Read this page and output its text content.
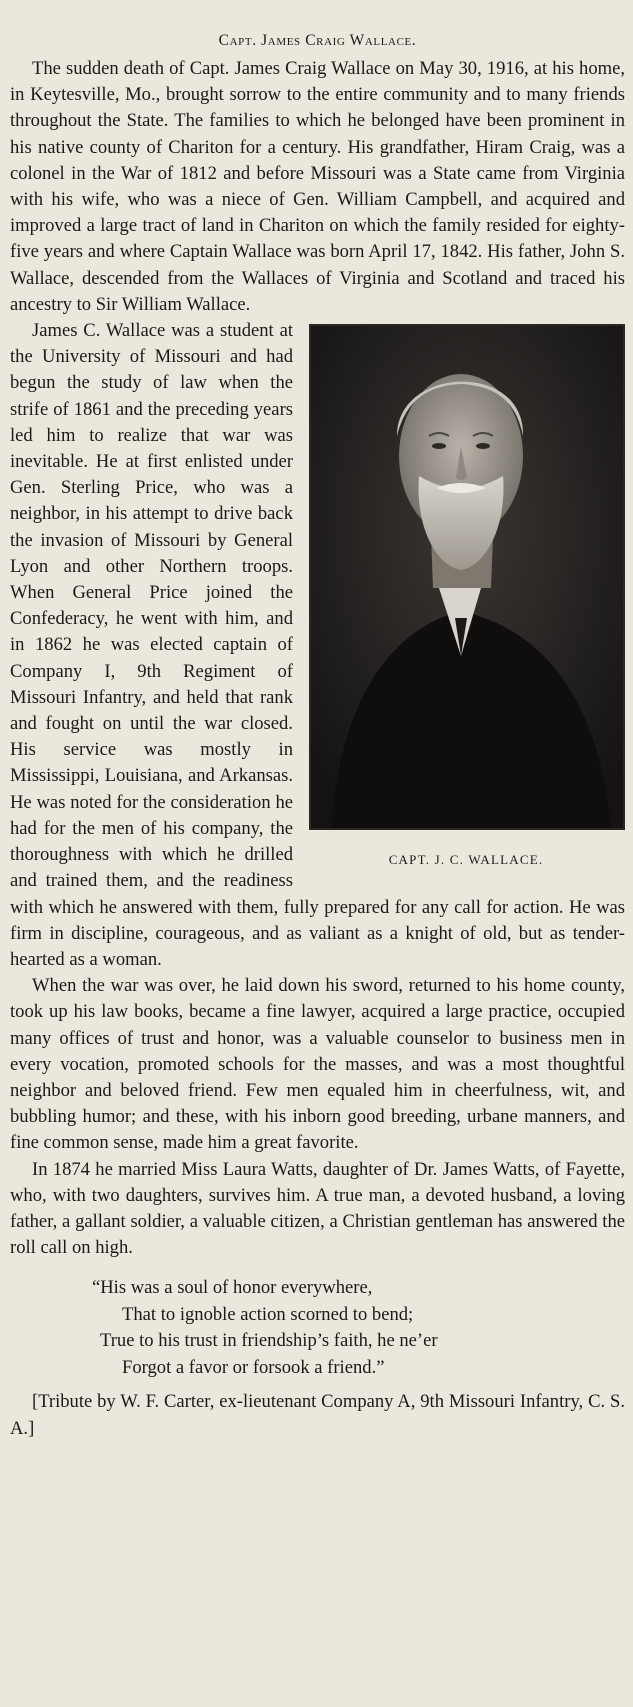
Capt. James Craig Wallace.

The sudden death of Capt. James Craig Wallace on May 30, 1916, at his home, in Keytesville, Mo., brought sorrow to the entire community and to many friends throughout the State. The families to which he belonged have been prominent in his native county of Chariton for a century. His grandfather, Hiram Craig, was a colonel in the War of 1812 and before Missouri was a State came from Virginia with his wife, who was a niece of Gen. William Campbell, and acquired and improved a large tract of land in Chariton on which the family resided for eighty-five years and where Captain Wallace was born April 17, 1842. His father, John S. Wallace, descended from the Wallaces of Virginia and Scotland and traced his ancestry to Sir William Wallace.

CAPT. J. C. WALLACE.

James C. Wallace was a student at the University of Missouri and had begun the study of law when the strife of 1861 and the preceding years led him to realize that war was inevitable. He at first enlisted under Gen. Sterling Price, who was a neighbor, in his attempt to drive back the invasion of Missouri by General Lyon and other Northern troops. When General Price joined the Confederacy, he went with him, and in 1862 he was elected captain of Company I, 9th Regiment of Missouri Infantry, and held that rank and fought on until the war closed. His service was mostly in Mississippi, Louisiana, and Arkansas. He was noted for the consideration he had for the men of his company, the thoroughness with which he drilled and trained them, and the readiness with which he answered with them, fully prepared for any call for action. He was firm in discipline, courageous, and as valiant as a knight of old, but as tender-hearted as a woman.

When the war was over, he laid down his sword, returned to his home county, took up his law books, became a fine lawyer, acquired a large practice, occupied many offices of trust and honor, was a valuable counselor to business men in every vocation, promoted schools for the masses, and was a most thoughtful neighbor and beloved friend. Few men equaled him in cheerfulness, wit, and bubbling humor; and these, with his inborn good breeding, urbane manners, and fine common sense, made him a great favorite.

In 1874 he married Miss Laura Watts, daughter of Dr. James Watts, of Fayette, who, with two daughters, survives him. A true man, a devoted husband, a loving father, a gallant soldier, a valuable citizen, a Christian gentleman has answered the roll call on high.

“His was a soul of honor everywhere,
That to ignoble action scorned to bend;
True to his trust in friendship’s faith, he ne’er
Forgot a favor or forsook a friend.”

[Tribute by W. F. Carter, ex-lieutenant Company A, 9th Missouri Infantry, C. S. A.]
